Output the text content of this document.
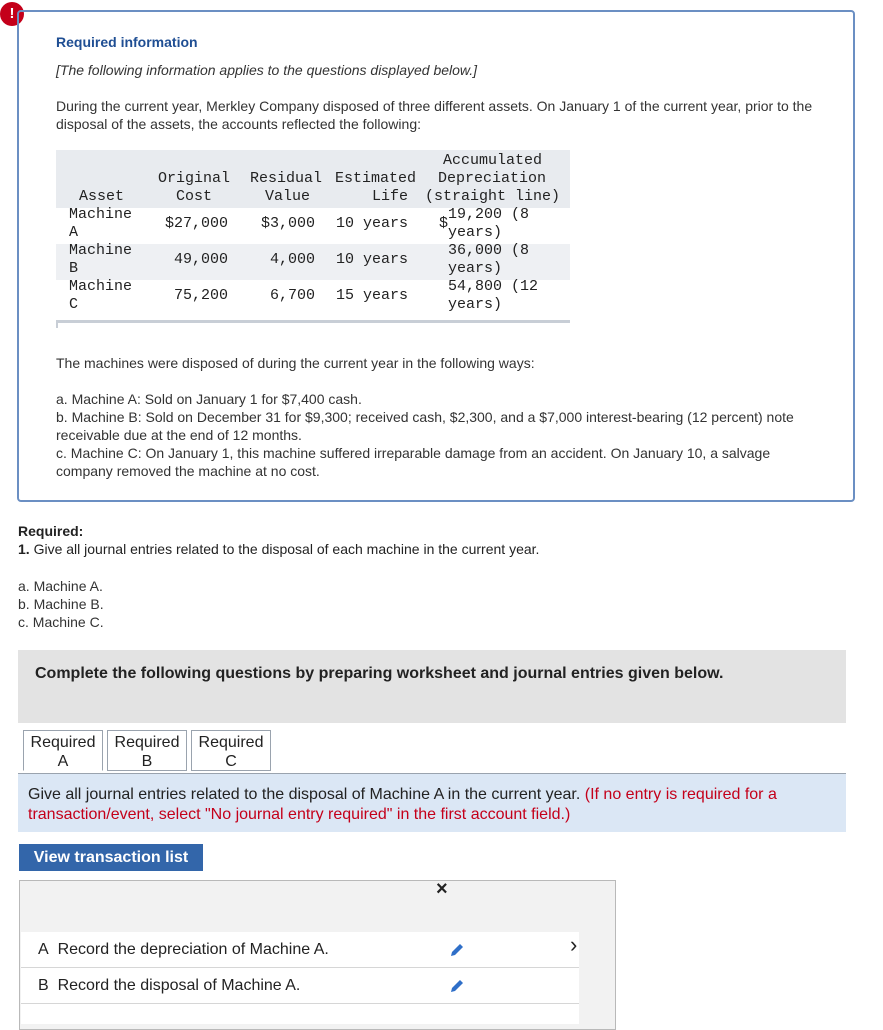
!
Required information
[The following information applies to the questions displayed below.]
During the current year, Merkley Company disposed of three different assets. On January 1 of the current year, prior to the disposal of the assets, the accounts reflected the following:
Asset
Original
Cost
Residual
Value
Estimated
Life
Accumulated
Depreciation
(straight line)
Machine
A
$27,000 $3,000 10 years $
19,200 (8
years)
Machine
B
49,000	4,000 10 years
36,000 (8
years)
Machine
C
75,200	6,700 15 years
54,800 (12
years)
The machines were disposed of during the current year in the following ways:
a. Machine A: Sold on January 1 for $7,400 cash.
b. Machine B: Sold on December 31 for $9,300; received cash, $2,300, and a $7,000 interest-bearing (12 percent) note receivable due at the end of 12 months.
c. Machine C: On January 1, this machine suffered irreparable damage from an accident. On January 10, a salvage company removed the machine at no cost.
Required:
1. Give all journal entries related to the disposal of each machine in the current year.
a. Machine A.
b. Machine B.
c. Machine C.
Complete the following questions by preparing worksheet and journal entries given below.
Required
A
Required
B
Required
C
Give all journal entries related to the disposal of Machine A in the current year. (If no entry is required for a transaction/event, select "No journal entry required" in the first account field.)
View transaction list
×
A Record the depreciation of Machine A.
B Record the disposal of Machine A.
›
